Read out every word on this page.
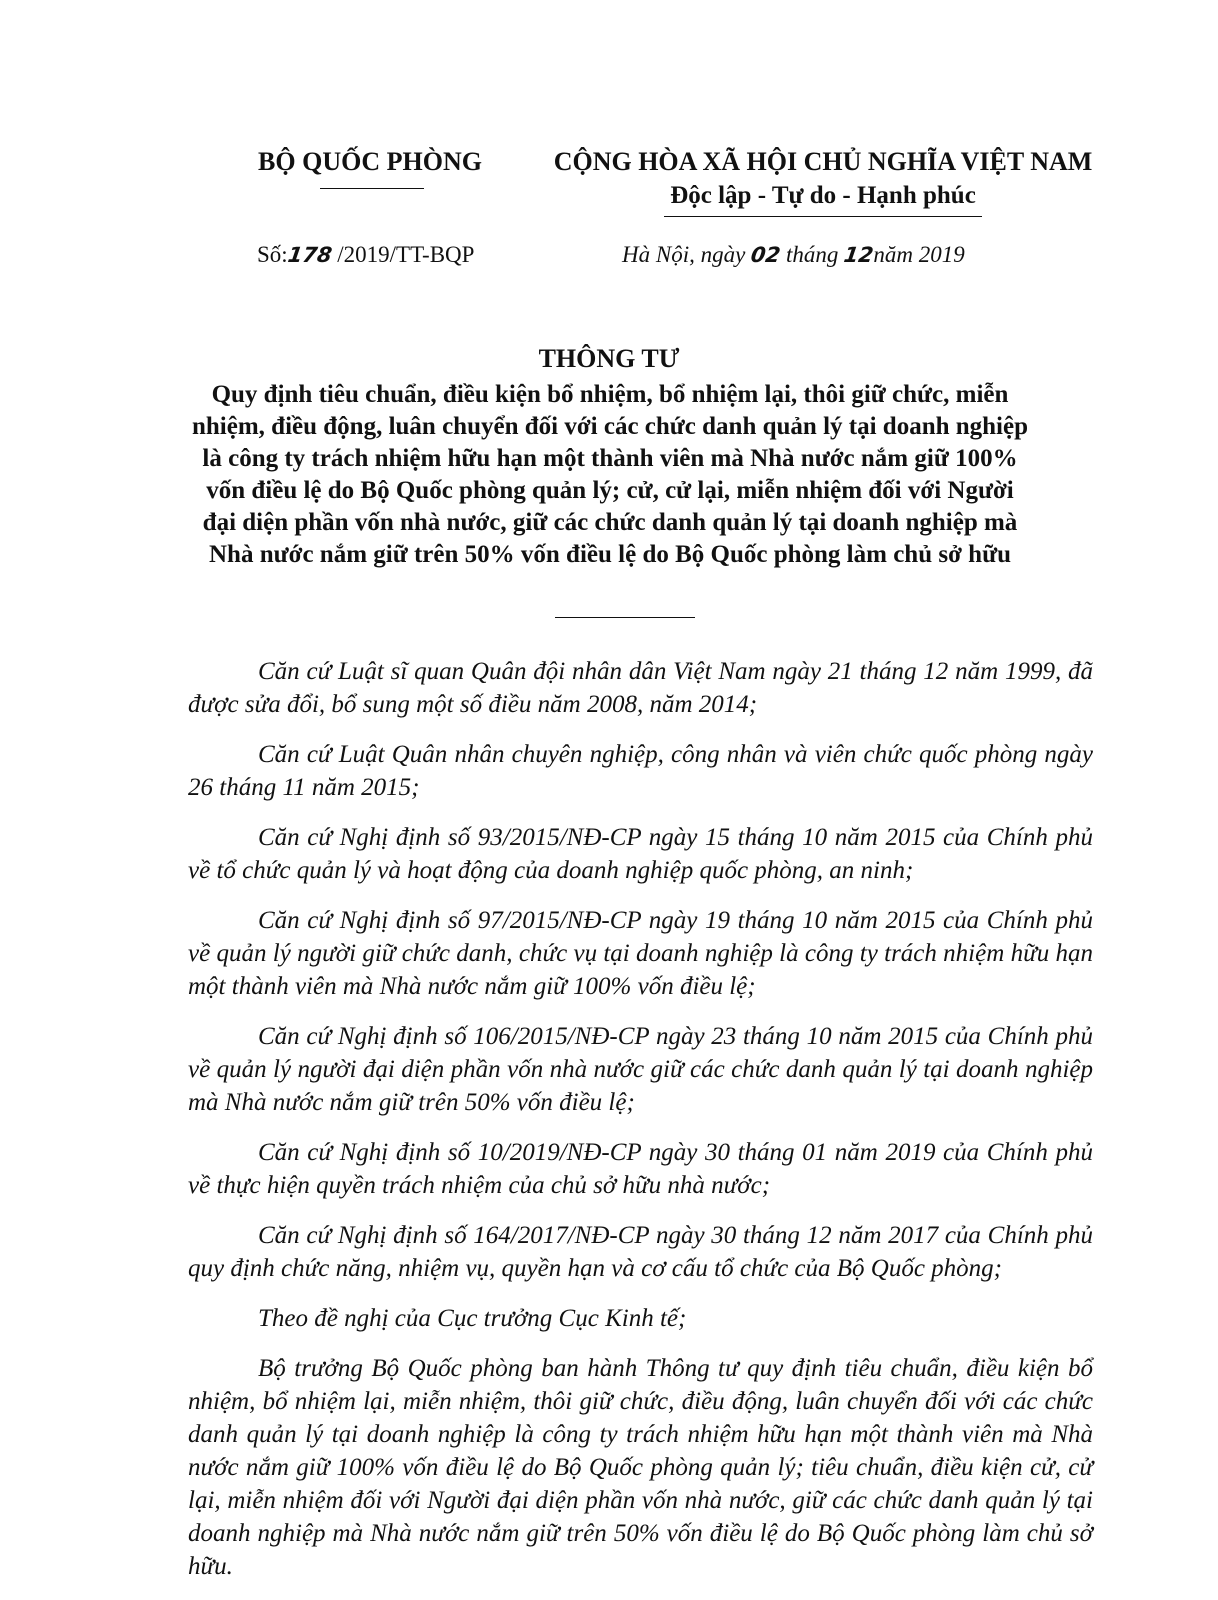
BỘ QUỐC PHÒNG	CỘNG HÒA XÃ HỘI CHỦ NGHĨA VIỆT NAM
Độc lập - Tự do - Hạnh phúc
Số:178 /2019/TT-BQP	Hà Nội, ngày 02 tháng 12năm 2019
THÔNG TƯ
Quy định tiêu chuẩn, điều kiện bổ nhiệm, bổ nhiệm lại, thôi giữ chức, miễn nhiệm, điều động, luân chuyển đối với các chức danh quản lý tại doanh nghiệp là công ty trách nhiệm hữu hạn một thành viên mà Nhà nước nắm giữ 100% vốn điều lệ do Bộ Quốc phòng quản lý; cử, cử lại, miễn nhiệm đối với Người đại diện phần vốn nhà nước, giữ các chức danh quản lý tại doanh nghiệp mà Nhà nước nắm giữ trên 50% vốn điều lệ do Bộ Quốc phòng làm chủ sở hữu

Căn cứ Luật sĩ quan Quân đội nhân dân Việt Nam ngày 21 tháng 12 năm 1999, đã được sửa đổi, bổ sung một số điều năm 2008, năm 2014;

Căn cứ Luật Quân nhân chuyên nghiệp, công nhân và viên chức quốc phòng ngày 26 tháng 11 năm 2015;

Căn cứ Nghị định số 93/2015/NĐ-CP ngày 15 tháng 10 năm 2015 của Chính phủ về tổ chức quản lý và hoạt động của doanh nghiệp quốc phòng, an ninh;

Căn cứ Nghị định số 97/2015/NĐ-CP ngày 19 tháng 10 năm 2015 của Chính phủ về quản lý người giữ chức danh, chức vụ tại doanh nghiệp là công ty trách nhiệm hữu hạn một thành viên mà Nhà nước nắm giữ 100% vốn điều lệ;

Căn cứ Nghị định số 106/2015/NĐ-CP ngày 23 tháng 10 năm 2015 của Chính phủ về quản lý người đại diện phần vốn nhà nước giữ các chức danh quản lý tại doanh nghiệp mà Nhà nước nắm giữ trên 50% vốn điều lệ;

Căn cứ Nghị định số 10/2019/NĐ-CP ngày 30 tháng 01 năm 2019 của Chính phủ về thực hiện quyền trách nhiệm của chủ sở hữu nhà nước;

Căn cứ Nghị định số 164/2017/NĐ-CP ngày 30 tháng 12 năm 2017 của Chính phủ quy định chức năng, nhiệm vụ, quyền hạn và cơ cấu tổ chức của Bộ Quốc phòng;

Theo đề nghị của Cục trưởng Cục Kinh tế;

Bộ trưởng Bộ Quốc phòng ban hành Thông tư quy định tiêu chuẩn, điều kiện bổ nhiệm, bổ nhiệm lại, miễn nhiệm, thôi giữ chức, điều động, luân chuyển đối với các chức danh quản lý tại doanh nghiệp là công ty trách nhiệm hữu hạn một thành viên mà Nhà nước nắm giữ 100% vốn điều lệ do Bộ Quốc phòng quản lý; tiêu chuẩn, điều kiện cử, cử lại, miễn nhiệm đối với Người đại diện phần vốn nhà nước, giữ các chức danh quản lý tại doanh nghiệp mà Nhà nước nắm giữ trên 50% vốn điều lệ do Bộ Quốc phòng làm chủ sở hữu.
